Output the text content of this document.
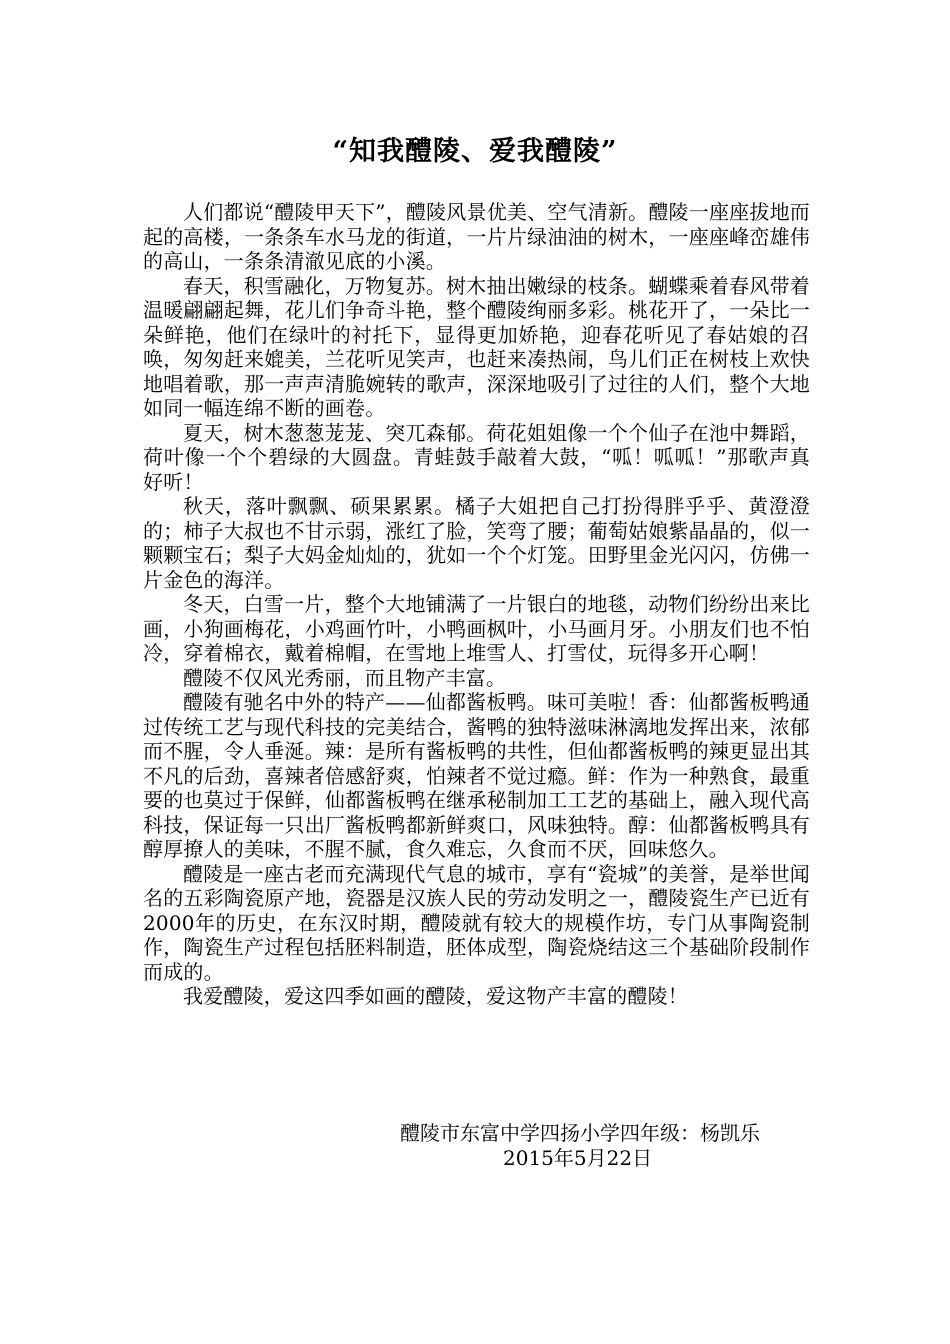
“知我醴陵、爱我醴陵”

人们都说“醴陵甲天下”，醴陵风景优美、空气清新。醴陵一座座拔地而起的高楼，一条条车水马龙的街道，一片片绿油油的树木，一座座峰峦雄伟的高山，一条条清澈见底的小溪。

春天，积雪融化，万物复苏。树木抽出嫩绿的枝条。蝴蝶乘着春风带着温暖翩翩起舞，花儿们争奇斗艳，整个醴陵绚丽多彩。桃花开了，一朵比一朵鲜艳，他们在绿叶的衬托下，显得更加娇艳，迎春花听见了春姑娘的召唤，匆匆赶来媲美，兰花听见笑声，也赶来凑热闹，鸟儿们正在树枝上欢快地唱着歌，那一声声清脆婉转的歌声，深深地吸引了过往的人们，整个大地如同一幅连绵不断的画卷。

夏天，树木葱葱茏茏、突兀森郁。荷花姐姐像一个个仙子在池中舞蹈，荷叶像一个个碧绿的大圆盘。青蛙鼓手敲着大鼓，“呱！呱呱！”那歌声真好听！

秋天，落叶飘飘、硕果累累。橘子大姐把自己打扮得胖乎乎、黄澄澄的；柿子大叔也不甘示弱，涨红了脸，笑弯了腰；葡萄姑娘紫晶晶的，似一颗颗宝石；梨子大妈金灿灿的，犹如一个个灯笼。田野里金光闪闪，仿佛一片金色的海洋。

冬天，白雪一片，整个大地铺满了一片银白的地毯，动物们纷纷出来比画，小狗画梅花，小鸡画竹叶，小鸭画枫叶，小马画月牙。小朋友们也不怕冷，穿着棉衣，戴着棉帽，在雪地上堆雪人、打雪仗，玩得多开心啊！

醴陵不仅风光秀丽，而且物产丰富。

醴陵有驰名中外的特产——仙都酱板鸭。味可美啦！香：仙都酱板鸭通过传统工艺与现代科技的完美结合，酱鸭的独特滋味淋漓地发挥出来，浓郁而不腥，令人垂涎。辣：是所有酱板鸭的共性，但仙都酱板鸭的辣更显出其不凡的后劲，喜辣者倍感舒爽，怕辣者不觉过瘾。鲜：作为一种熟食，最重要的也莫过于保鲜，仙都酱板鸭在继承秘制加工工艺的基础上，融入现代高科技，保证每一只出厂酱板鸭都新鲜爽口，风味独特。醇：仙都酱板鸭具有醇厚撩人的美味，不腥不腻，食久难忘，久食而不厌，回味悠久。

醴陵是一座古老而充满现代气息的城市，享有“瓷城”的美誉，是举世闻名的五彩陶瓷原产地，瓷器是汉族人民的劳动发明之一，醴陵瓷生产已近有2000年的历史，在东汉时期，醴陵就有较大的规模作坊，专门从事陶瓷制作，陶瓷生产过程包括胚料制造，胚体成型，陶瓷烧结这三个基础阶段制作而成的。

我爱醴陵，爱这四季如画的醴陵，爱这物产丰富的醴陵！

醴陵市东富中学四扬小学四年级：杨凯乐
2015年5月22日
